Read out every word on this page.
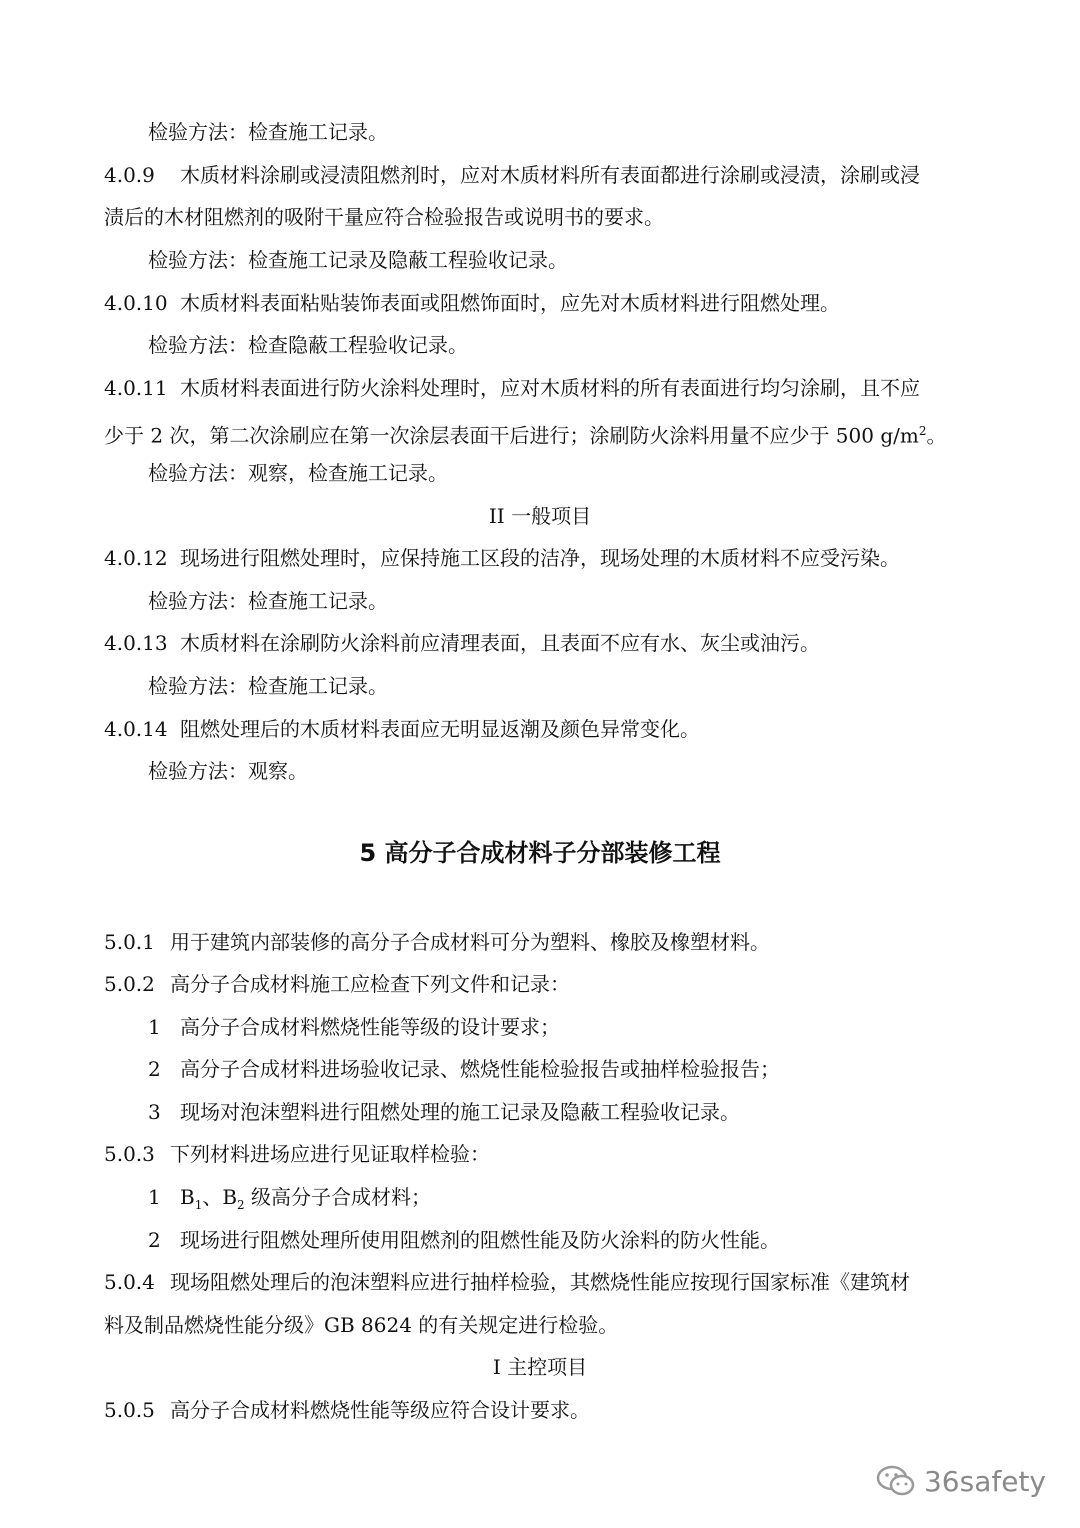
检验方法：检查施工记录。
4.0.9 木质材料涂刷或浸渍阻燃剂时，应对木质材料所有表面都进行涂刷或浸渍，涂刷或浸
渍后的木材阻燃剂的吸附干量应符合检验报告或说明书的要求。
检验方法：检查施工记录及隐蔽工程验收记录。
4.0.10 木质材料表面粘贴装饰表面或阻燃饰面时，应先对木质材料进行阻燃处理。
检验方法：检查隐蔽工程验收记录。
4.0.11 木质材料表面进行防火涂料处理时，应对木质材料的所有表面进行均匀涂刷，且不应
少于 2 次，第二次涂刷应在第一次涂层表面干后进行；涂刷防火涂料用量不应少于 500 $g/m^2$。
检验方法：观察，检查施工记录。
II 一般项目
4.0.12 现场进行阻燃处理时，应保持施工区段的洁净，现场处理的木质材料不应受污染。
检验方法：检查施工记录。
4.0.13 木质材料在涂刷防火涂料前应清理表面，且表面不应有水、灰尘或油污。
检验方法：检查施工记录。
4.0.14 阻燃处理后的木质材料表面应无明显返潮及颜色异常变化。
检验方法：观察。
5 高分子合成材料子分部装修工程
5.0.1 用于建筑内部装修的高分子合成材料可分为塑料、橡胶及橡塑材料。
5.0.2 高分子合成材料施工应检查下列文件和记录：
1 高分子合成材料燃烧性能等级的设计要求；
2 高分子合成材料进场验收记录、燃烧性能检验报告或抽样检验报告；
3 现场对泡沫塑料进行阻燃处理的施工记录及隐蔽工程验收记录。
5.0.3 下列材料进场应进行见证取样检验：
1 $B_1$、$B_2$ 级高分子合成材料；
2 现场进行阻燃处理所使用阻燃剂的阻燃性能及防火涂料的防火性能。
5.0.4 现场阻燃处理后的泡沫塑料应进行抽样检验，其燃烧性能应按现行国家标准《建筑材
料及制品燃烧性能分级》GB 8624 的有关规定进行检验。
I 主控项目
5.0.5 高分子合成材料燃烧性能等级应符合设计要求。
36safety
